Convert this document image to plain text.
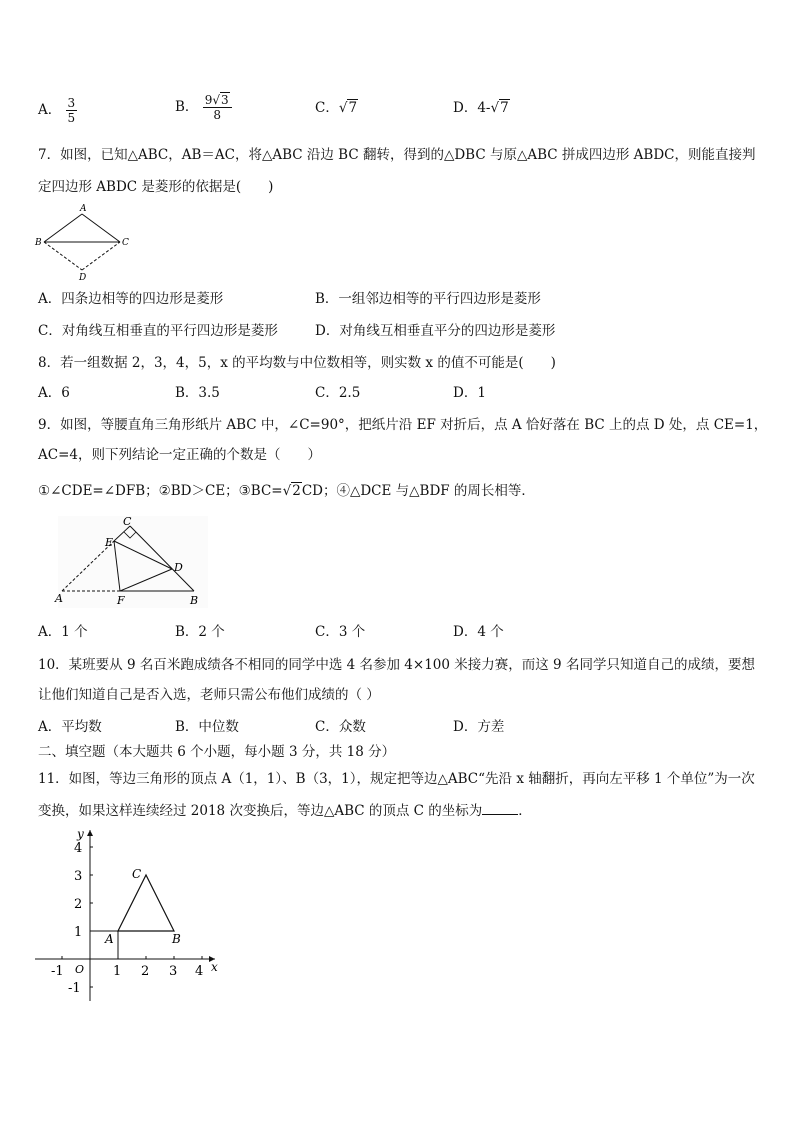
A． $\frac{3}{5}$	B． $\frac{9√3}{8}$	C．√7	D．4-√7
7．如图，已知△ABC，AB＝AC，将△ABC 沿边 BC 翻转，得到的△DBC 与原△ABC 拼成四边形 ABDC，则能直接判
定四边形 ABDC 是菱形的依据是(　　)
A
B	C
D
A．四条边相等的四边形是菱形	B．一组邻边相等的平行四边形是菱形
C．对角线互相垂直的平行四边形是菱形	D．对角线互相垂直平分的四边形是菱形
8．若一组数据 2，3，4，5，x 的平均数与中位数相等，则实数 x 的值不可能是(　　)
A．6	B．3.5	C．2.5	D．1
9．如图，等腰直角三角形纸片 ABC 中，∠C=90°，把纸片沿 EF 对折后，点 A 恰好落在 BC 上的点 D 处，点 CE=1，
AC=4，则下列结论一定正确的个数是（　　）
①∠CDE=∠DFB；②BD＞CE；③BC=√2CD；④△DCE 与△BDF 的周长相等．
C
E
D
A	F	B
A．1 个	B．2 个	C．3 个	D．4 个
10．某班要从 9 名百米跑成绩各不相同的同学中选 4 名参加 4×100 米接力赛，而这 9 名同学只知道自己的成绩，要想
让他们知道自己是否入选，老师只需公布他们成绩的（ ）
A．平均数	B．中位数	C．众数	D．方差
二、填空题（本大题共 6 个小题，每小题 3 分，共 18 分）
11．如图，等边三角形的顶点 A（1，1）、B（3，1），规定把等边△ABC“先沿 x 轴翻折，再向左平移 1 个单位”为一次
变换，如果这样连续经过 2018 次变换后，等边△ABC 的顶点 C 的坐标为	．
x
y
O
-1	1 2 3 4
4
3
2
1
-1
A	B
C
